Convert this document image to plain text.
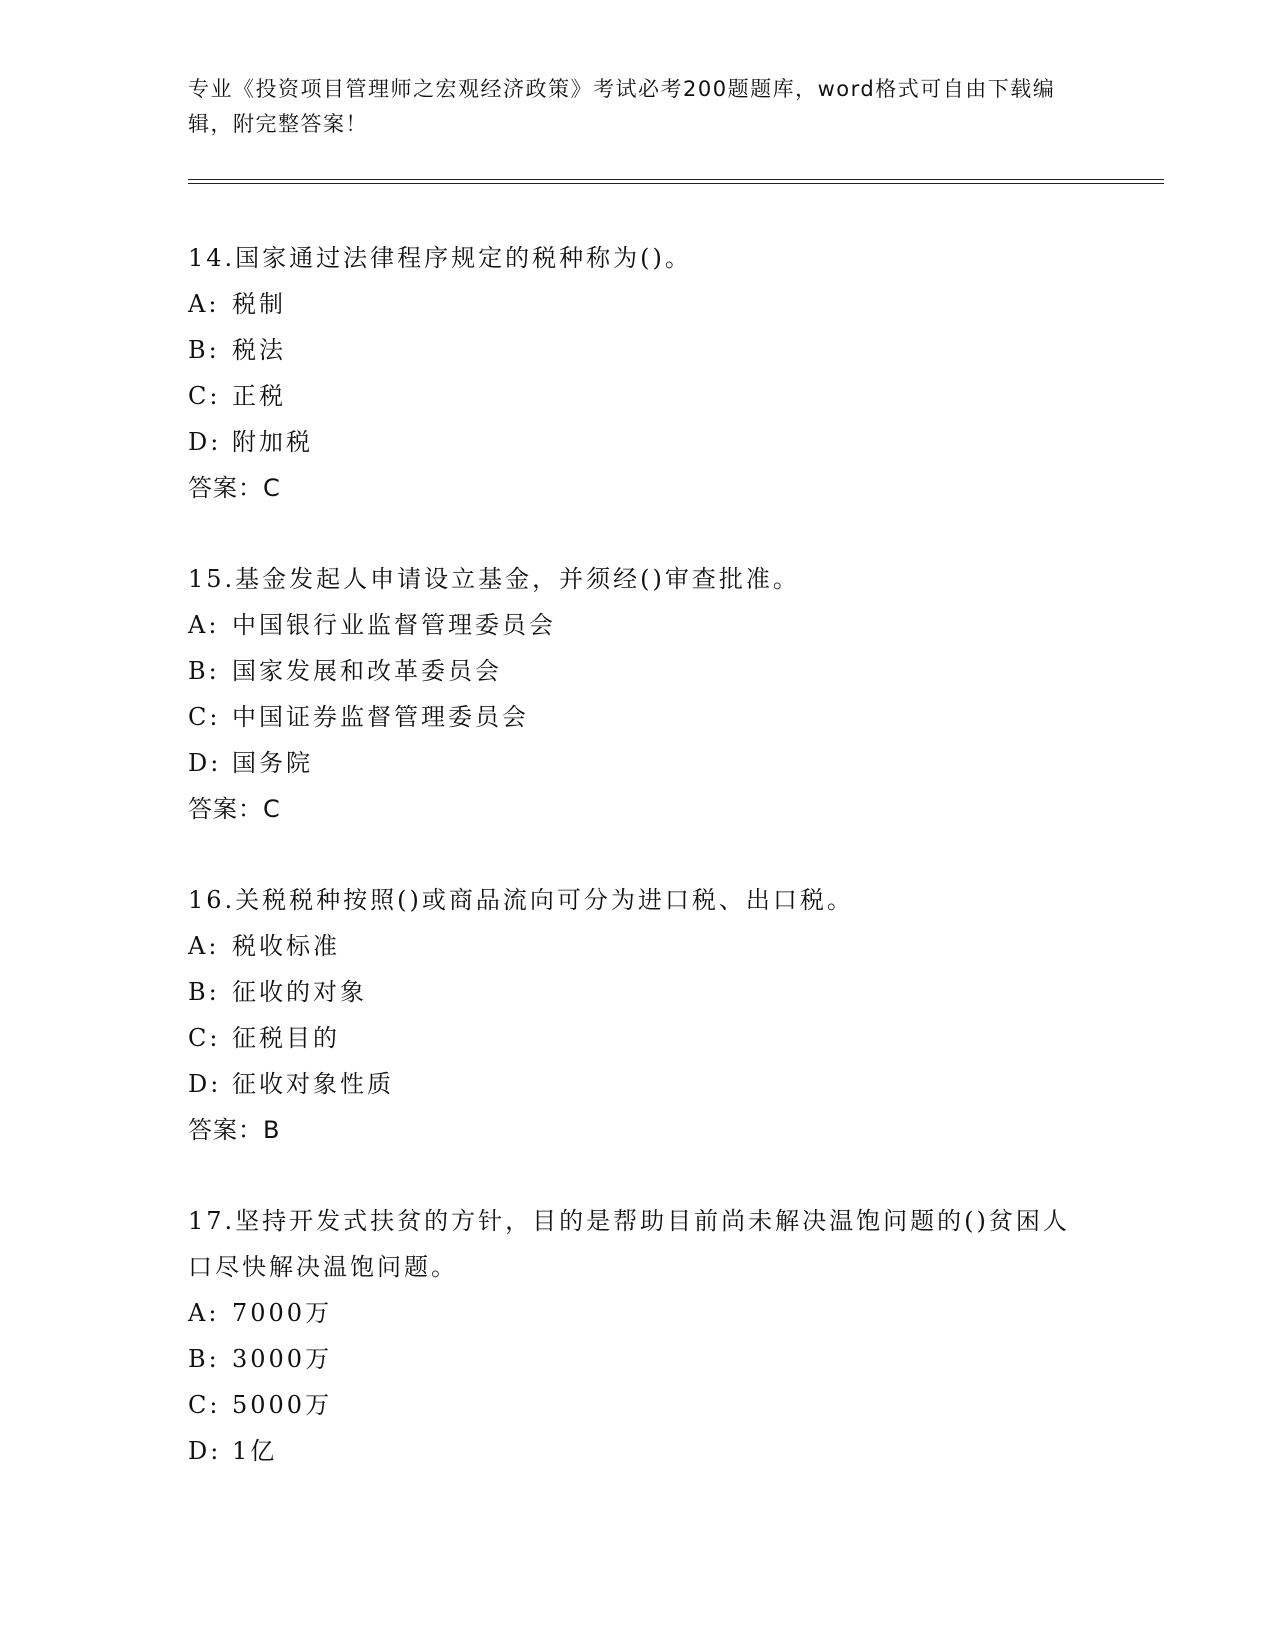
专业《投资项目管理师之宏观经济政策》考试必考200题题库，word格式可自由下载编辑，附完整答案！
14.国家通过法律程序规定的税种称为()。
A: 税制
B: 税法
C: 正税
D: 附加税
答案：C
15.基金发起人申请设立基金，并须经()审查批准。
A: 中国银行业监督管理委员会
B: 国家发展和改革委员会
C: 中国证券监督管理委员会
D: 国务院
答案：C
16.关税税种按照()或商品流向可分为进口税、出口税。
A: 税收标准
B: 征收的对象
C: 征税目的
D: 征收对象性质
答案：B
17.坚持开发式扶贫的方针，目的是帮助目前尚未解决温饱问题的()贫困人口尽快解决温饱问题。
A: 7000万
B: 3000万
C: 5000万
D: 1亿
